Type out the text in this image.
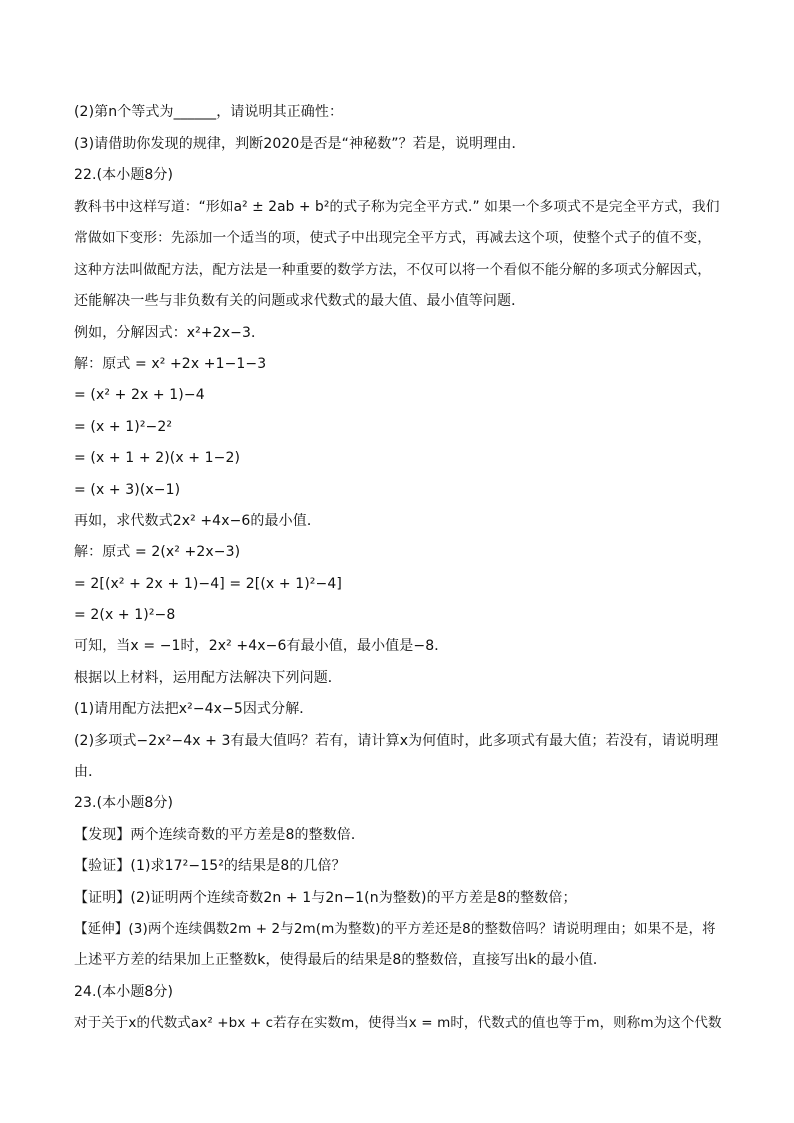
(2)第n个等式为______，请说明其正确性：
(3)请借助你发现的规律，判断2020是否是“神秘数”？若是，说明理由．
22.(本小题8分)
教科书中这样写道：“形如a² ± 2ab + b²的式子称为完全平方式.” 如果一个多项式不是完全平方式，我们
常做如下变形：先添加一个适当的项，使式子中出现完全平方式，再减去这个项，使整个式子的值不变，
这种方法叫做配方法，配方法是一种重要的数学方法，不仅可以将一个看似不能分解的多项式分解因式，
还能解决一些与非负数有关的问题或求代数式的最大值、最小值等问题．
例如，分解因式：x²+2x−3．
解：原式 = x² +2x +1−1−3
= (x² + 2x + 1)−4
= (x + 1)²−2²
= (x + 1 + 2)(x + 1−2)
= (x + 3)(x−1)
再如，求代数式2x² +4x−6的最小值．
解：原式 = 2(x² +2x−3)
= 2[(x² + 2x + 1)−4] = 2[(x + 1)²−4]
= 2(x + 1)²−8
可知，当x = −1时，2x² +4x−6有最小值，最小值是−8．
根据以上材料，运用配方法解决下列问题．
(1)请用配方法把x²−4x−5因式分解．
(2)多项式−2x²−4x + 3有最大值吗？若有，请计算x为何值时，此多项式有最大值；若没有，请说明理
由．
23.(本小题8分)
【发现】两个连续奇数的平方差是8的整数倍．
【验证】(1)求17²−15²的结果是8的几倍？
【证明】(2)证明两个连续奇数2n + 1与2n−1(n为整数)的平方差是8的整数倍；
【延伸】(3)两个连续偶数2m + 2与2m(m为整数)的平方差还是8的整数倍吗？请说明理由；如果不是，将
上述平方差的结果加上正整数k，使得最后的结果是8的整数倍，直接写出k的最小值．
24.(本小题8分)
对于关于x的代数式ax² +bx + c若存在实数m，使得当x = m时，代数式的值也等于m，则称m为这个代数
